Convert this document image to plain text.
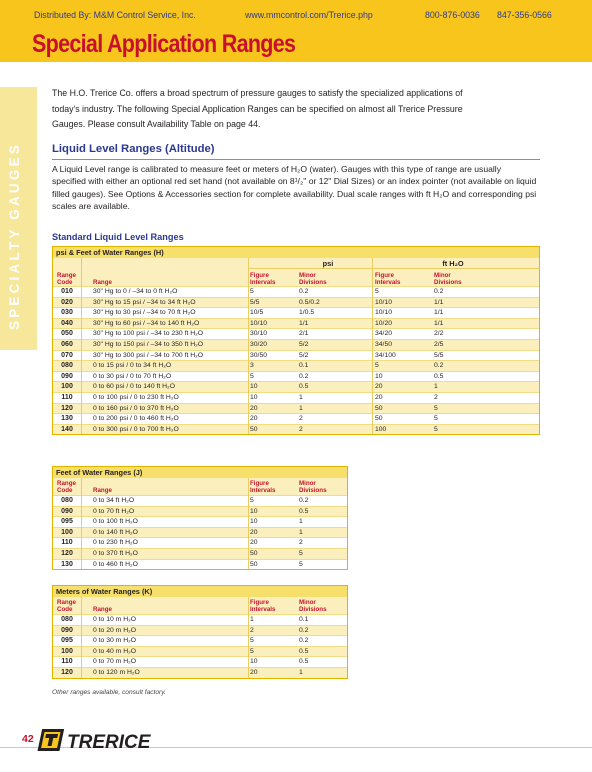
Distributed By: M&M Control Service, Inc.	www.mmcontrol.com/Trerice.php	800-876-0036 847-356-0566
Special Application Ranges
SPECIALTY GAUGES
The H.O. Trerice Co. offers a broad spectrum of pressure gauges to satisfy the specialized applications of today's industry. The following Special Application Ranges can be specified on almost all Trerice Pressure Gauges. Please consult Availability Table on page 44.
Liquid Level Ranges (Altitude)
A Liquid Level range is calibrated to measure feet or meters of H₂O (water). Gauges with this type of range are usually specified with either an optional red set hand (not available on 8¹/₂" or 12" Dial Sizes) or an index pointer (not available on liquid filled gauges). See Options & Accessories section for complete availability. Dual scale ranges with ft H₂O and corresponding psi scales are available.
Standard Liquid Level Ranges
psi & Feet of Water Ranges (H)
psi	ft H₂O
Range Code	Range
Figure Intervals
Minor Divisions
Figure Intervals
Minor Divisions
010	30" Hg to 0 / –34 to 0 ft H₂O	5	0.2	5	0.2
020	30" Hg to 15 psi / –34 to 34 ft H₂O	5/5	0.5/0.2	10/10	1/1
030	30" Hg to 30 psi / –34 to 70 ft H₂O	10/5	1/0.5	10/10	1/1
040	30" Hg to 60 psi / –34 to 140 ft H₂O	10/10	1/1	10/20	1/1
050	30" Hg to 100 psi / –34 to 230 ft H₂O	30/10	2/1	34/20	2/2
060	30" Hg to 150 psi / –34 to 350 ft H₂O	30/20	5/2	34/50	2/5
070	30" Hg to 300 psi / –34 to 700 ft H₂O	30/50	5/2	34/100	5/5
080	0 to 15 psi / 0 to 34 ft H₂O	3	0.1	5	0.2
090	0 to 30 psi / 0 to 70 ft H₂O	5	0.2	10	0.5
100	0 to 60 psi / 0 to 140 ft H₂O	10	0.5	20	1
110	0 to 100 psi / 0 to 230 ft H₂O	10	1	20	2
120	0 to 160 psi / 0 to 370 ft H₂O	20	1	50	5
130	0 to 200 psi / 0 to 460 ft H₂O	20	2	50	5
140	0 to 300 psi / 0 to 700 ft H₂O	50	2	100	5
Feet of Water Ranges (J)
Range Code	Range
Figure Intervals
Minor Divisions
080	0 to 34 ft H₂O	5	0.2
090	0 to 70 ft H₂O	10	0.5
095	0 to 100 ft H₂O	10	1
100	0 to 140 ft H₂O	20	1
110	0 to 230 ft H₂O	20	2
120	0 to 370 ft H₂O	50	5
130	0 to 460 ft H₂O	50	5
Meters of Water Ranges (K)
Range Code	Range
Figure Intervals
Minor Divisions
080	0 to 10 m H₂O	1	0.1
090	0 to 20 m H₂O	2	0.2
095	0 to 30 m H₂O	5	0.2
100	0 to 40 m H₂O	5	0.5
110	0 to 70 m H₂O	10	0.5
120	0 to 120 m H₂O	20	1
Other ranges available, consult factory.
42 TRERICE
